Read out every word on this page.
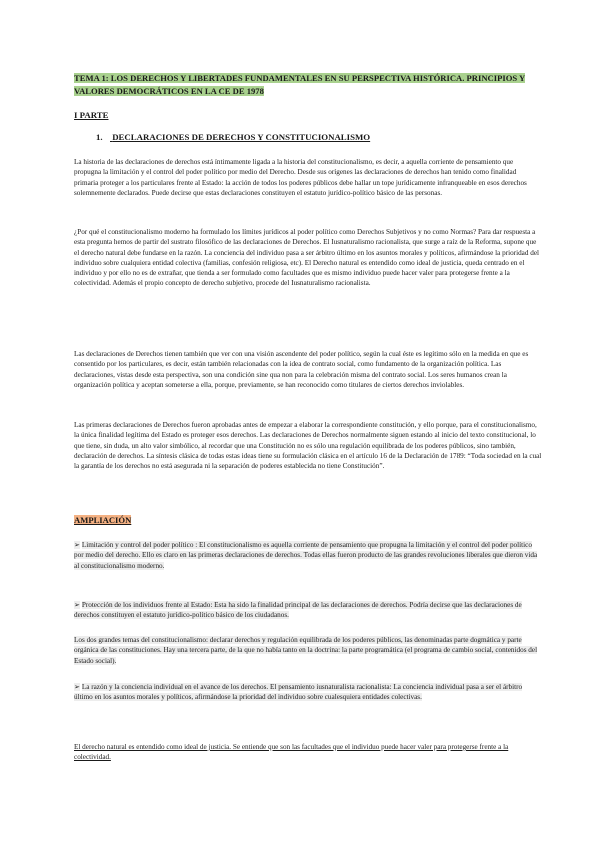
TEMA 1: LOS DERECHOS Y LIBERTADES FUNDAMENTALES EN SU PERSPECTIVA HISTÓRICA. PRINCIPIOS Y VALORES DEMOCRÁTICOS EN LA CE DE 1978
I PARTE
1. DECLARACIONES DE DERECHOS Y CONSTITUCIONALISMO
La historia de las declaraciones de derechos está íntimamente ligada a la historia del constitucionalismo, es decir, a aquella corriente de pensamiento que propugna la limitación y el control del poder político por medio del Derecho. Desde sus orígenes las declaraciones de derechos han tenido como finalidad primaria proteger a los particulares frente al Estado: la acción de todos los poderes públicos debe hallar un tope jurídicamente infranqueable en esos derechos solemnemente declarados. Puede decirse que estas declaraciones constituyen el estatuto jurídico-político básico de las personas.
¿Por qué el constitucionalismo moderno ha formulado los límites jurídicos al poder político como Derechos Subjetivos y no como Normas? Para dar respuesta a esta pregunta hemos de partir del sustrato filosófico de las declaraciones de Derechos. El Iusnaturalismo racionalista, que surge a raíz de la Reforma, supone que el derecho natural debe fundarse en la razón. La conciencia del individuo pasa a ser árbitro último en los asuntos morales y políticos, afirmándose la prioridad del individuo sobre cualquiera entidad colectiva (familias, confesión religiosa, etc). El Derecho natural es entendido como ideal de justicia, queda centrado en el individuo y por ello no es de extrañar, que tienda a ser formulado como facultades que es mismo individuo puede hacer valer para protegerse frente a la colectividad. Además el propio concepto de derecho subjetivo, procede del Iusnaturalismo racionalista.
Las declaraciones de Derechos tienen también que ver con una visión ascendente del poder político, según la cual éste es legítimo sólo en la medida en que es consentido por los particulares, es decir, están también relacionadas con la idea de contrato social, como fundamento de la organización política. Las declaraciones, vistas desde esta perspectiva, son una condición sine qua non para la celebración misma del contrato social. Los seres humanos crean la organización política y aceptan someterse a ella, porque, previamente, se han reconocido como titulares de ciertos derechos inviolables.
Las primeras declaraciones de Derechos fueron aprobadas antes de empezar a elaborar la correspondiente constitución, y ello porque, para el constitucionalismo, la única finalidad legítima del Estado es proteger esos derechos. Las declaraciones de Derechos normalmente siguen estando al inicio del texto constitucional, lo que tiene, sin duda, un alto valor simbólico, al recordar que una Constitución no es sólo una regulación equilibrada de los poderes públicos, sino también, declaración de derechos. La síntesis clásica de todas estas ideas tiene su formulación clásica en el artículo 16 de la Declaración de 1789: “Toda sociedad en la cual la garantía de los derechos no está asegurada ni la separación de poderes establecida no tiene Constitución”.
AMPLIACIÓN
➢ Limitación y control del poder político : El constitucionalismo es aquella corriente de pensamiento que propugna la limitación y el control del poder político por medio del derecho. Ello es claro en las primeras declaraciones de derechos. Todas ellas fueron producto de las grandes revoluciones liberales que dieron vida al constitucionalismo moderno.
➢ Protección de los individuos frente al Estado: Esta ha sido la finalidad principal de las declaraciones de derechos. Podría decirse que las declaraciones de derechos constituyen el estatuto jurídico-político básico de los ciudadanos.
Los dos grandes temas del constitucionalismo: declarar derechos y regulación equilibrada de los poderes públicos, las denominadas parte dogmática y parte orgánica de las constituciones. Hay una tercera parte, de la que no había tanto en la doctrina: la parte programática (el programa de cambio social, contenidos del Estado social).
➢ La razón y la conciencia individual en el avance de los derechos. El pensamiento iusnaturalista racionalista: La conciencia individual pasa a ser el árbitro último en los asuntos morales y políticos, afirmándose la prioridad del individuo sobre cualesquiera entidades colectivas.
El derecho natural es entendido como ideal de justicia. Se entiende que son las facultades que el individuo puede hacer valer para protegerse frente a la colectividad.
